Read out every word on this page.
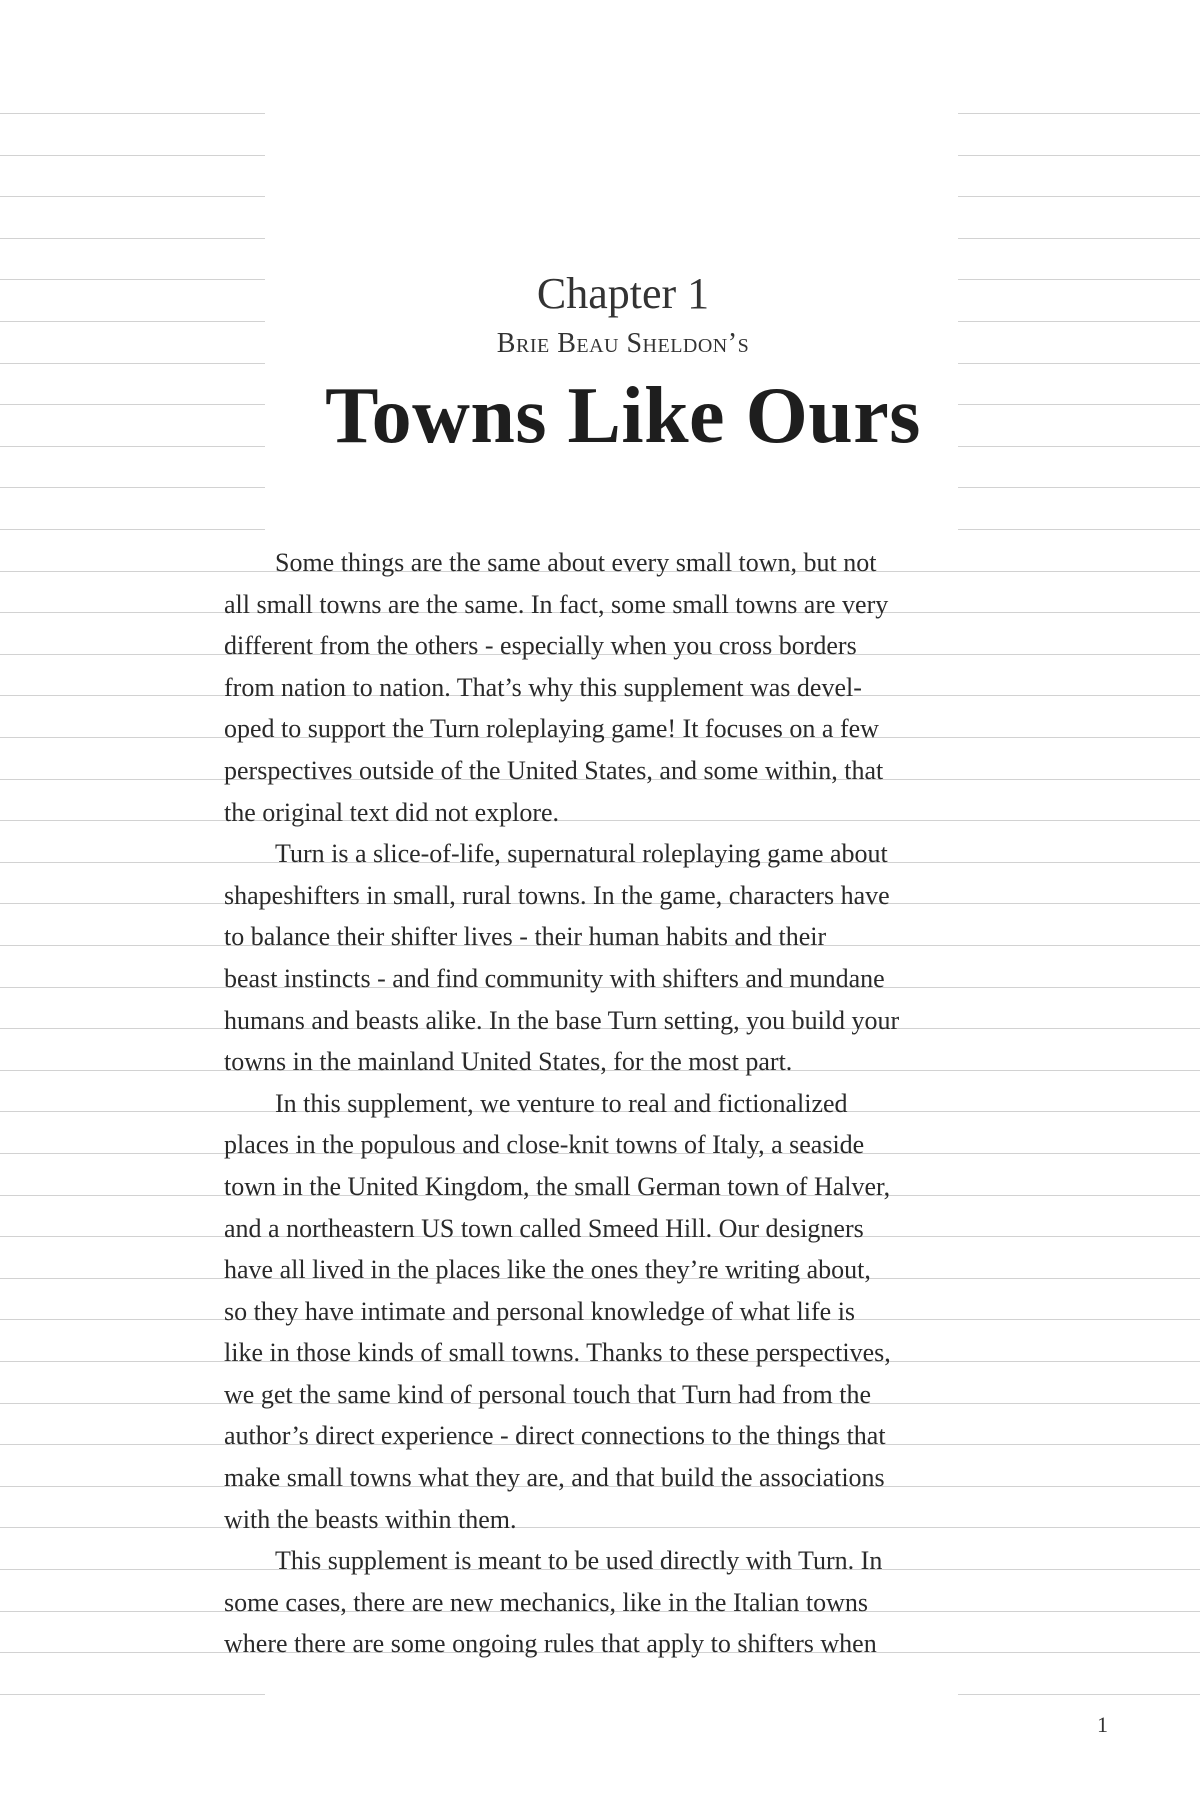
Chapter 1
Brie Beau Sheldon’s
Towns Like Ours
Some things are the same about every small town, but not
all small towns are the same. In fact, some small towns are very
different from the others - especially when you cross borders
from nation to nation. That’s why this supplement was devel-
oped to support the Turn roleplaying game! It focuses on a few
perspectives outside of the United States, and some within, that
the original text did not explore.
Turn is a slice-of-life, supernatural roleplaying game about
shapeshifters in small, rural towns. In the game, characters have
to balance their shifter lives - their human habits and their
beast instincts - and find community with shifters and mundane
humans and beasts alike. In the base Turn setting, you build your
towns in the mainland United States, for the most part.
In this supplement, we venture to real and fictionalized
places in the populous and close-knit towns of Italy, a seaside
town in the United Kingdom, the small German town of Halver,
and a northeastern US town called Smeed Hill. Our designers
have all lived in the places like the ones they’re writing about,
so they have intimate and personal knowledge of what life is
like in those kinds of small towns. Thanks to these perspectives,
we get the same kind of personal touch that Turn had from the
author’s direct experience - direct connections to the things that
make small towns what they are, and that build the associations
with the beasts within them.
This supplement is meant to be used directly with Turn. In
some cases, there are new mechanics, like in the Italian towns
where there are some ongoing rules that apply to shifters when
1
